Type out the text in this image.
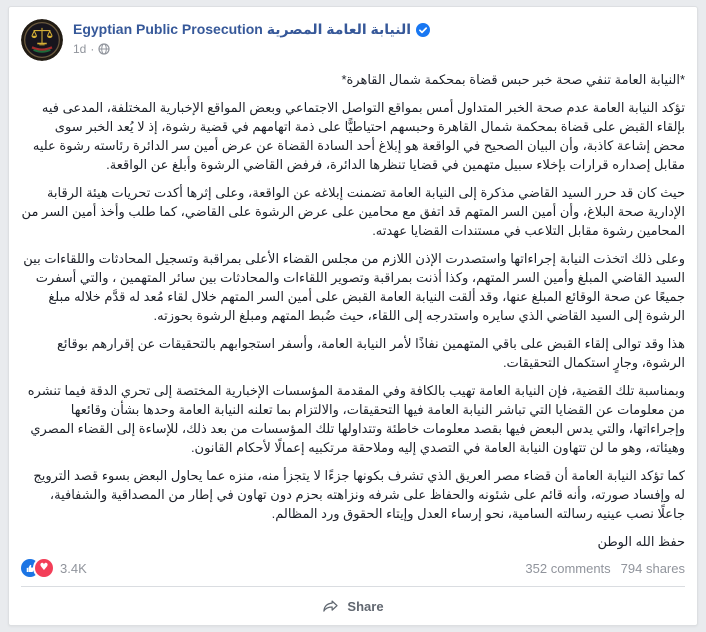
Egyptian Public Prosecution النيابة العامة المصرية
1d ·

*النيابة العامة تنفي صحة خبر حبس قضاة بمحكمة شمال القاهرة*

تؤكد النيابة العامة عدم صحة الخبر المتداول أمس بمواقع التواصل الاجتماعي وبعض المواقع الإخبارية المختلفة، المدعى فيه بإلقاء القبض على قضاة بمحكمة شمال القاهرة وحبسهم احتياطيًّا على ذمة اتهامهم في قضية رشوة، إذ لا يُعد الخبر سوى محض إشاعة كاذبة، وأن البيان الصحيح في الواقعة هو إبلاغ أحد السادة القضاة عن عرض أمين سر الدائرة رئاسته رشوة عليه مقابل إصداره قرارات بإخلاء سبيل متهمين في قضايا تنظرها الدائرة، فرفض القاضي الرشوة وأبلغ عن الواقعة.

حيث كان قد حرر السيد القاضي مذكرة إلى النيابة العامة تضمنت إبلاغه عن الواقعة، وعلى إثرها أكدت تحريات هيئة الرقابة الإدارية صحة البلاغ، وأن أمين السر المتهم قد اتفق مع محامين على عرض الرشوة على القاضي، كما طلب وأخذ أمين السر من المحامين رشوة مقابل التلاعب في مستندات القضايا عهدته.

وعلى ذلك اتخذت النيابة إجراءاتها واستصدرت الإذن اللازم من مجلس القضاء الأعلى بمراقبة وتسجيل المحادثات واللقاءات بين السيد القاضي المبلغ وأمين السر المتهم، وكذا أذنت بمراقبة وتصوير اللقاءات والمحادثات بين سائر المتهمين ، والتي أسفرت جميعًا عن صحة الوقائع المبلغ عنها، وقد ألقت النيابة العامة القبض على أمين السر المتهم خلال لقاء مُعد له قدَّم خلاله مبلغ الرشوة إلى السيد القاضي الذي سايره واستدرجه إلى اللقاء، حيث ضُبط المتهم ومبلغ الرشوة بحوزته.

هذا وقد توالى إلقاء القبض على باقي المتهمين نفاذًا لأمر النيابة العامة، وأسفر استجوابهم بالتحقيقات عن إقرارهم بوقائع الرشوة، وجارٍ استكمال التحقيقات.

وبمناسبة تلك القضية، فإن النيابة العامة تهيب بالكافة وفي المقدمة المؤسسات الإخبارية المختصة إلى تحري الدقة فيما تنشره من معلومات عن القضايا التي تباشر النيابة العامة فيها التحقيقات، والالتزام بما تعلنه النيابة العامة وحدها بشأن وقائعها وإجراءاتها، والتي يدس البعض فيها بقصد معلومات خاطئة وتتداولها تلك المؤسسات من بعد ذلك، للإساءة إلى القضاء المصري وهيئاته، وهو ما لن تتهاون النيابة العامة في التصدي إليه وملاحقة مرتكبيه إعمالًا لأحكام القانون.

كما تؤكد النيابة العامة أن قضاء مصر العريق الذي تشرف بكونها جزءًا لا يتجزأ منه، منزه عما يحاول البعض بسوء قصد الترويج له وإفساد صورته، وأنه قائم على شئونه والحفاظ على شرفه ونزاهته بحزم دون تهاون في إطار من المصداقية والشفافية، جاعلًا نصب عينيه رسالته السامية، نحو إرساء العدل وإيتاء الحقوق ورد المظالم.

حفظ الله الوطن

♥ 3.4K	352 comments 794 shares
Share
